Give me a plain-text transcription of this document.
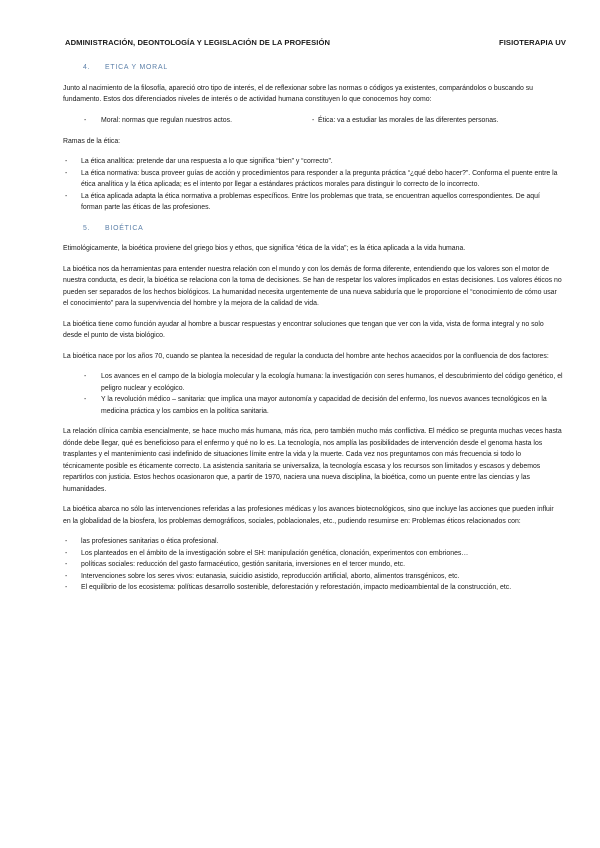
ADMINISTRACIÓN, DEONTOLOGÍA Y LEGISLACIÓN DE LA PROFESIÓN	FISIOTERAPIA UV
4. ETICA Y MORAL

Junto al nacimiento de la filosofía, apareció otro tipo de interés, el de reflexionar sobre las normas o códigos ya existentes, comparándolos o buscando su fundamento. Estos dos diferenciados niveles de interés o de actividad humana constituyen lo que conocemos hoy como:

- Moral: normas que regulan nuestros actos.
-	Ética: va a estudiar las morales de las diferentes personas.

Ramas de la ética:

- La ética analítica: pretende dar una respuesta a lo que significa “bien” y “correcto”.
- La ética normativa: busca proveer guías de acción y procedimientos para responder a la pregunta práctica “¿qué debo hacer?”. Conforma el puente entre la ética analítica y la ética aplicada; es el intento por llegar a estándares prácticos morales para distinguir lo correcto de lo incorrecto.
- La ética aplicada adapta la ética normativa a problemas específicos. Entre los problemas que trata, se encuentran aquellos correspondientes. De aquí forman parte las éticas de las profesiones.
5. BIOÉTICA

Etimológicamente, la bioética proviene del griego bios y ethos, que significa “ética de la vida”; es la ética aplicada a la vida humana.

La bioética nos da herramientas para entender nuestra relación con el mundo y con los demás de forma diferente, entendiendo que los valores son el motor de nuestra conducta, es decir, la bioética se relaciona con la toma de decisiones. Se han de respetar los valores implicados en estas decisiones. Los valores éticos no pueden ser separados de los hechos biológicos. La humanidad necesita urgentemente de una nueva sabiduría que le proporcione el “conocimiento de cómo usar el conocimiento” para la supervivencia del hombre y la mejora de la calidad de vida.

La bioética tiene como función ayudar al hombre a buscar respuestas y encontrar soluciones que tengan que ver con la vida, vista de forma integral y no solo desde el punto de vista biológico.

La bioética nace por los años 70, cuando se plantea la necesidad de regular la conducta del hombre ante hechos acaecidos por la confluencia de dos factores:

- Los avances en el campo de la biología molecular y la ecología humana: la investigación con seres humanos, el descubrimiento del código genético, el peligro nuclear y ecológico.
- Y la revolución médico – sanitaria: que implica una mayor autonomía y capacidad de decisión del enfermo, los nuevos avances tecnológicos en la medicina práctica y los cambios en la política sanitaria.

La relación clínica cambia esencialmente, se hace mucho más humana, más rica, pero también mucho más conflictiva. El médico se pregunta muchas veces hasta dónde debe llegar, qué es beneficioso para el enfermo y qué no lo es. La tecnología, nos amplía las posibilidades de intervención desde el genoma hasta los trasplantes y el mantenimiento casi indefinido de situaciones límite entre la vida y la muerte. Cada vez nos preguntamos con más frecuencia si todo lo técnicamente posible es éticamente correcto. La asistencia sanitaria se universaliza, la tecnología escasa y los recursos son limitados y escasos y debemos repartirlos con justicia. Estos hechos ocasionaron que, a partir de 1970, naciera una nueva disciplina, la bioética, como un puente entre las ciencias y las humanidades.

La bioética abarca no sólo las intervenciones referidas a las profesiones médicas y los avances biotecnológicos, sino que incluye las acciones que pueden influir en la globalidad de la biosfera, los problemas demográficos, sociales, poblacionales, etc., pudiendo resumirse en: Problemas éticos relacionados con:

- las profesiones sanitarias o ética profesional.
- Los planteados en el ámbito de la investigación sobre el SH: manipulación genética, clonación, experimentos con embriones…
- políticas sociales: reducción del gasto farmacéutico, gestión sanitaria, inversiones en el tercer mundo, etc.
- Intervenciones sobre los seres vivos: eutanasia, suicidio asistido, reproducción artificial, aborto, alimentos transgénicos, etc.
- El equilibrio de los ecosistema: políticas desarrollo sostenible, deforestación y reforestación, impacto medioambiental de la construcción, etc.
